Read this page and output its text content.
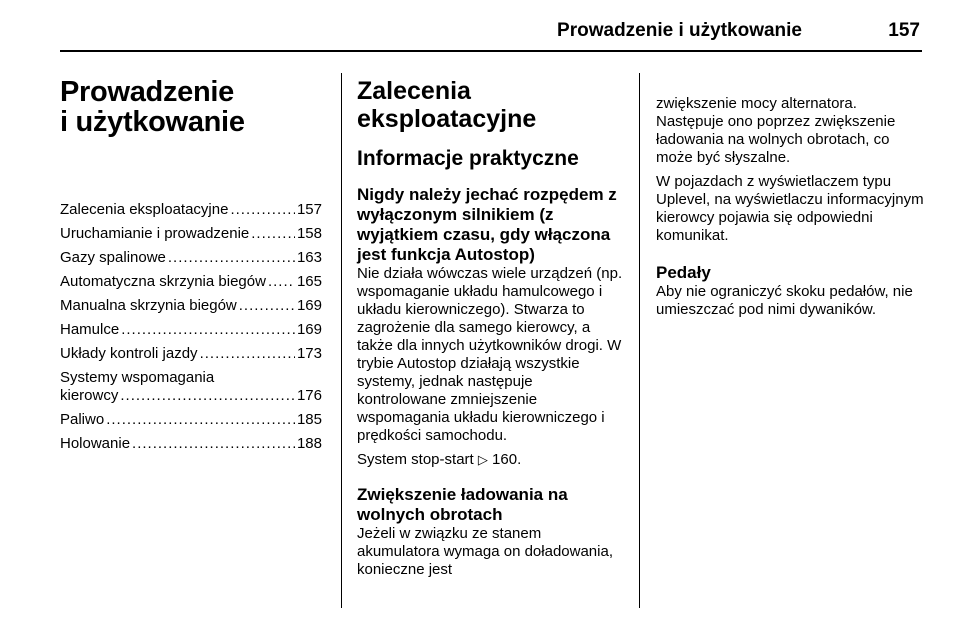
Prowadzenie i użytkowanie	157
Prowadzenie
i użytkowanie
Zalecenia eksploatacyjne .....	157
Uruchamianie i prowadzenie .....	158
Gazy spalinowe .....	163
Automatyczna skrzynia biegów ..... 165
Manualna skrzynia biegów .....	169
Hamulce .....	169
Układy kontroli jazdy .....	173
Systemy wspomagania
kierowcy .....	176
Paliwo .....	185
Holowanie .....	188
Zalecenia
eksploatacyjne
Informacje praktyczne
Nigdy należy jechać rozpędem z wyłączonym silnikiem (z wyjątkiem czasu, gdy włączona jest funkcja Autostop)

Nie działa wówczas wiele urządzeń (np. wspomaganie układu hamulcowego i układu kierowniczego). Stwarza to zagrożenie dla samego kierowcy, a także dla innych użytkowników drogi. W trybie Autostop działają wszystkie systemy, jednak następuje kontrolowane zmniejszenie wspomagania układu kierowniczego i prędkości samochodu.

System stop-start ▷ 160.

Zwiększenie ładowania na wolnych obrotach

Jeżeli w związku ze stanem akumulatora wymaga on doładowania, konieczne jest

zwiększenie mocy alternatora. Następuje ono poprzez zwiększenie ładowania na wolnych obrotach, co może być słyszalne.

W pojazdach z wyświetlaczem typu Uplevel, na wyświetlaczu informacyjnym kierowcy pojawia się odpowiedni komunikat.

Pedały

Aby nie ograniczyć skoku pedałów, nie umieszczać pod nimi dywaników.
